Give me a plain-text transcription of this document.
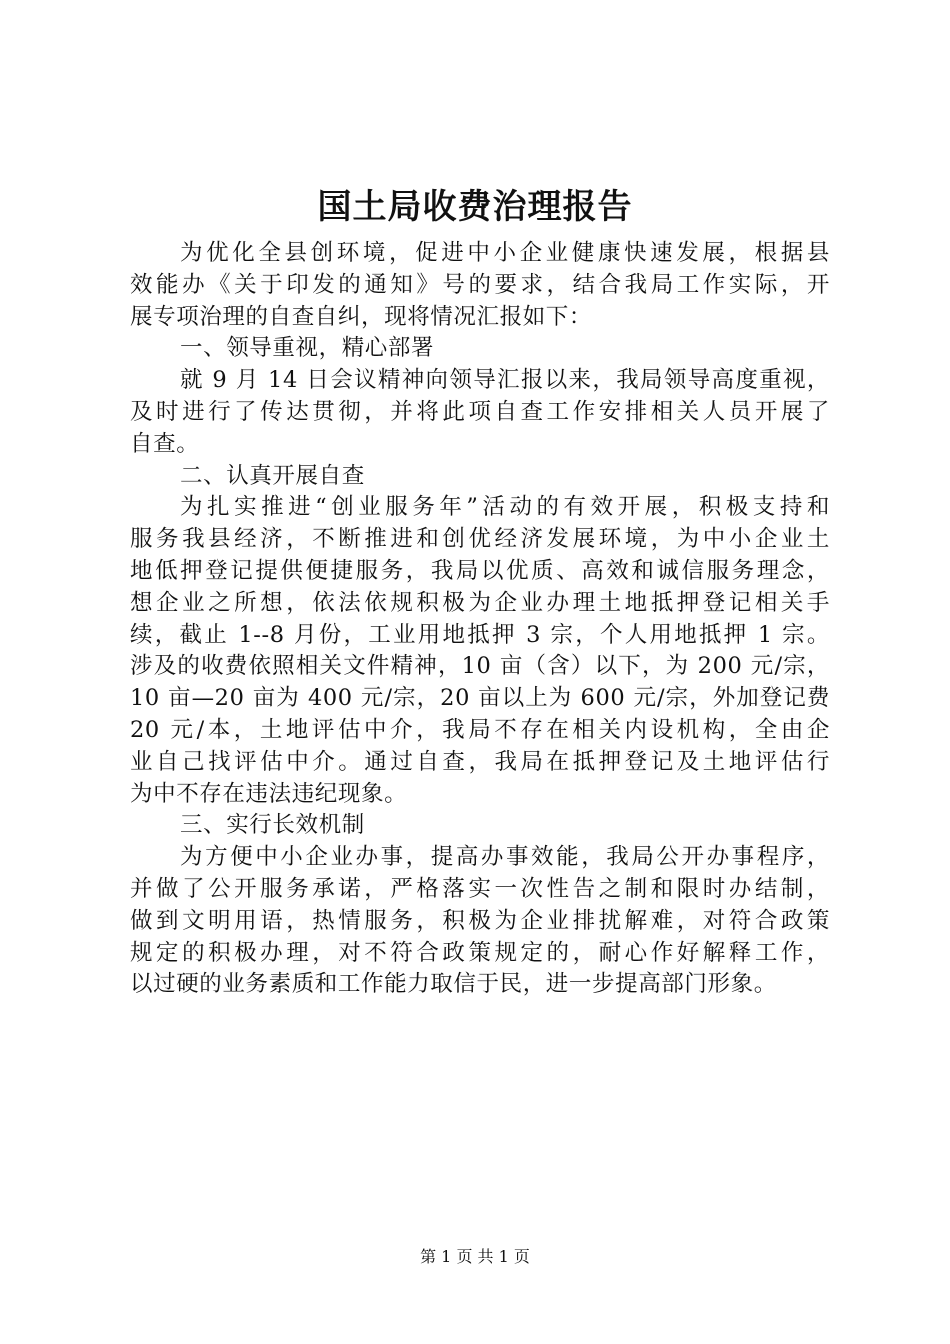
国土局收费治理报告
为优化全县创环境，促进中小企业健康快速发展，根据县
效能办《关于印发的通知》号的要求，结合我局工作实际，开
展专项治理的自查自纠，现将情况汇报如下：
一、领导重视，精心部署
就 9 月 14 日会议精神向领导汇报以来，我局领导高度重视，
及时进行了传达贯彻，并将此项自查工作安排相关人员开展了
自查。
二、认真开展自查
为扎实推进“创业服务年”活动的有效开展，积极支持和
服务我县经济，不断推进和创优经济发展环境，为中小企业土
地低押登记提供便捷服务，我局以优质、高效和诚信服务理念，
想企业之所想，依法依规积极为企业办理土地抵押登记相关手
续，截止 1--8 月份，工业用地抵押 3 宗，个人用地抵押 1 宗。
涉及的收费依照相关文件精神，10 亩（含）以下，为 200 元/宗，
10 亩—20 亩为 400 元/宗，20 亩以上为 600 元/宗，外加登记费
20 元/本，土地评估中介，我局不存在相关内设机构，全由企
业自己找评估中介。通过自查，我局在抵押登记及土地评估行
为中不存在违法违纪现象。
三、实行长效机制
为方便中小企业办事，提高办事效能，我局公开办事程序，
并做了公开服务承诺，严格落实一次性告之制和限时办结制，
做到文明用语，热情服务，积极为企业排扰解难，对符合政策
规定的积极办理，对不符合政策规定的，耐心作好解释工作，
以过硬的业务素质和工作能力取信于民，进一步提高部门形象。
第 1 页 共 1 页
